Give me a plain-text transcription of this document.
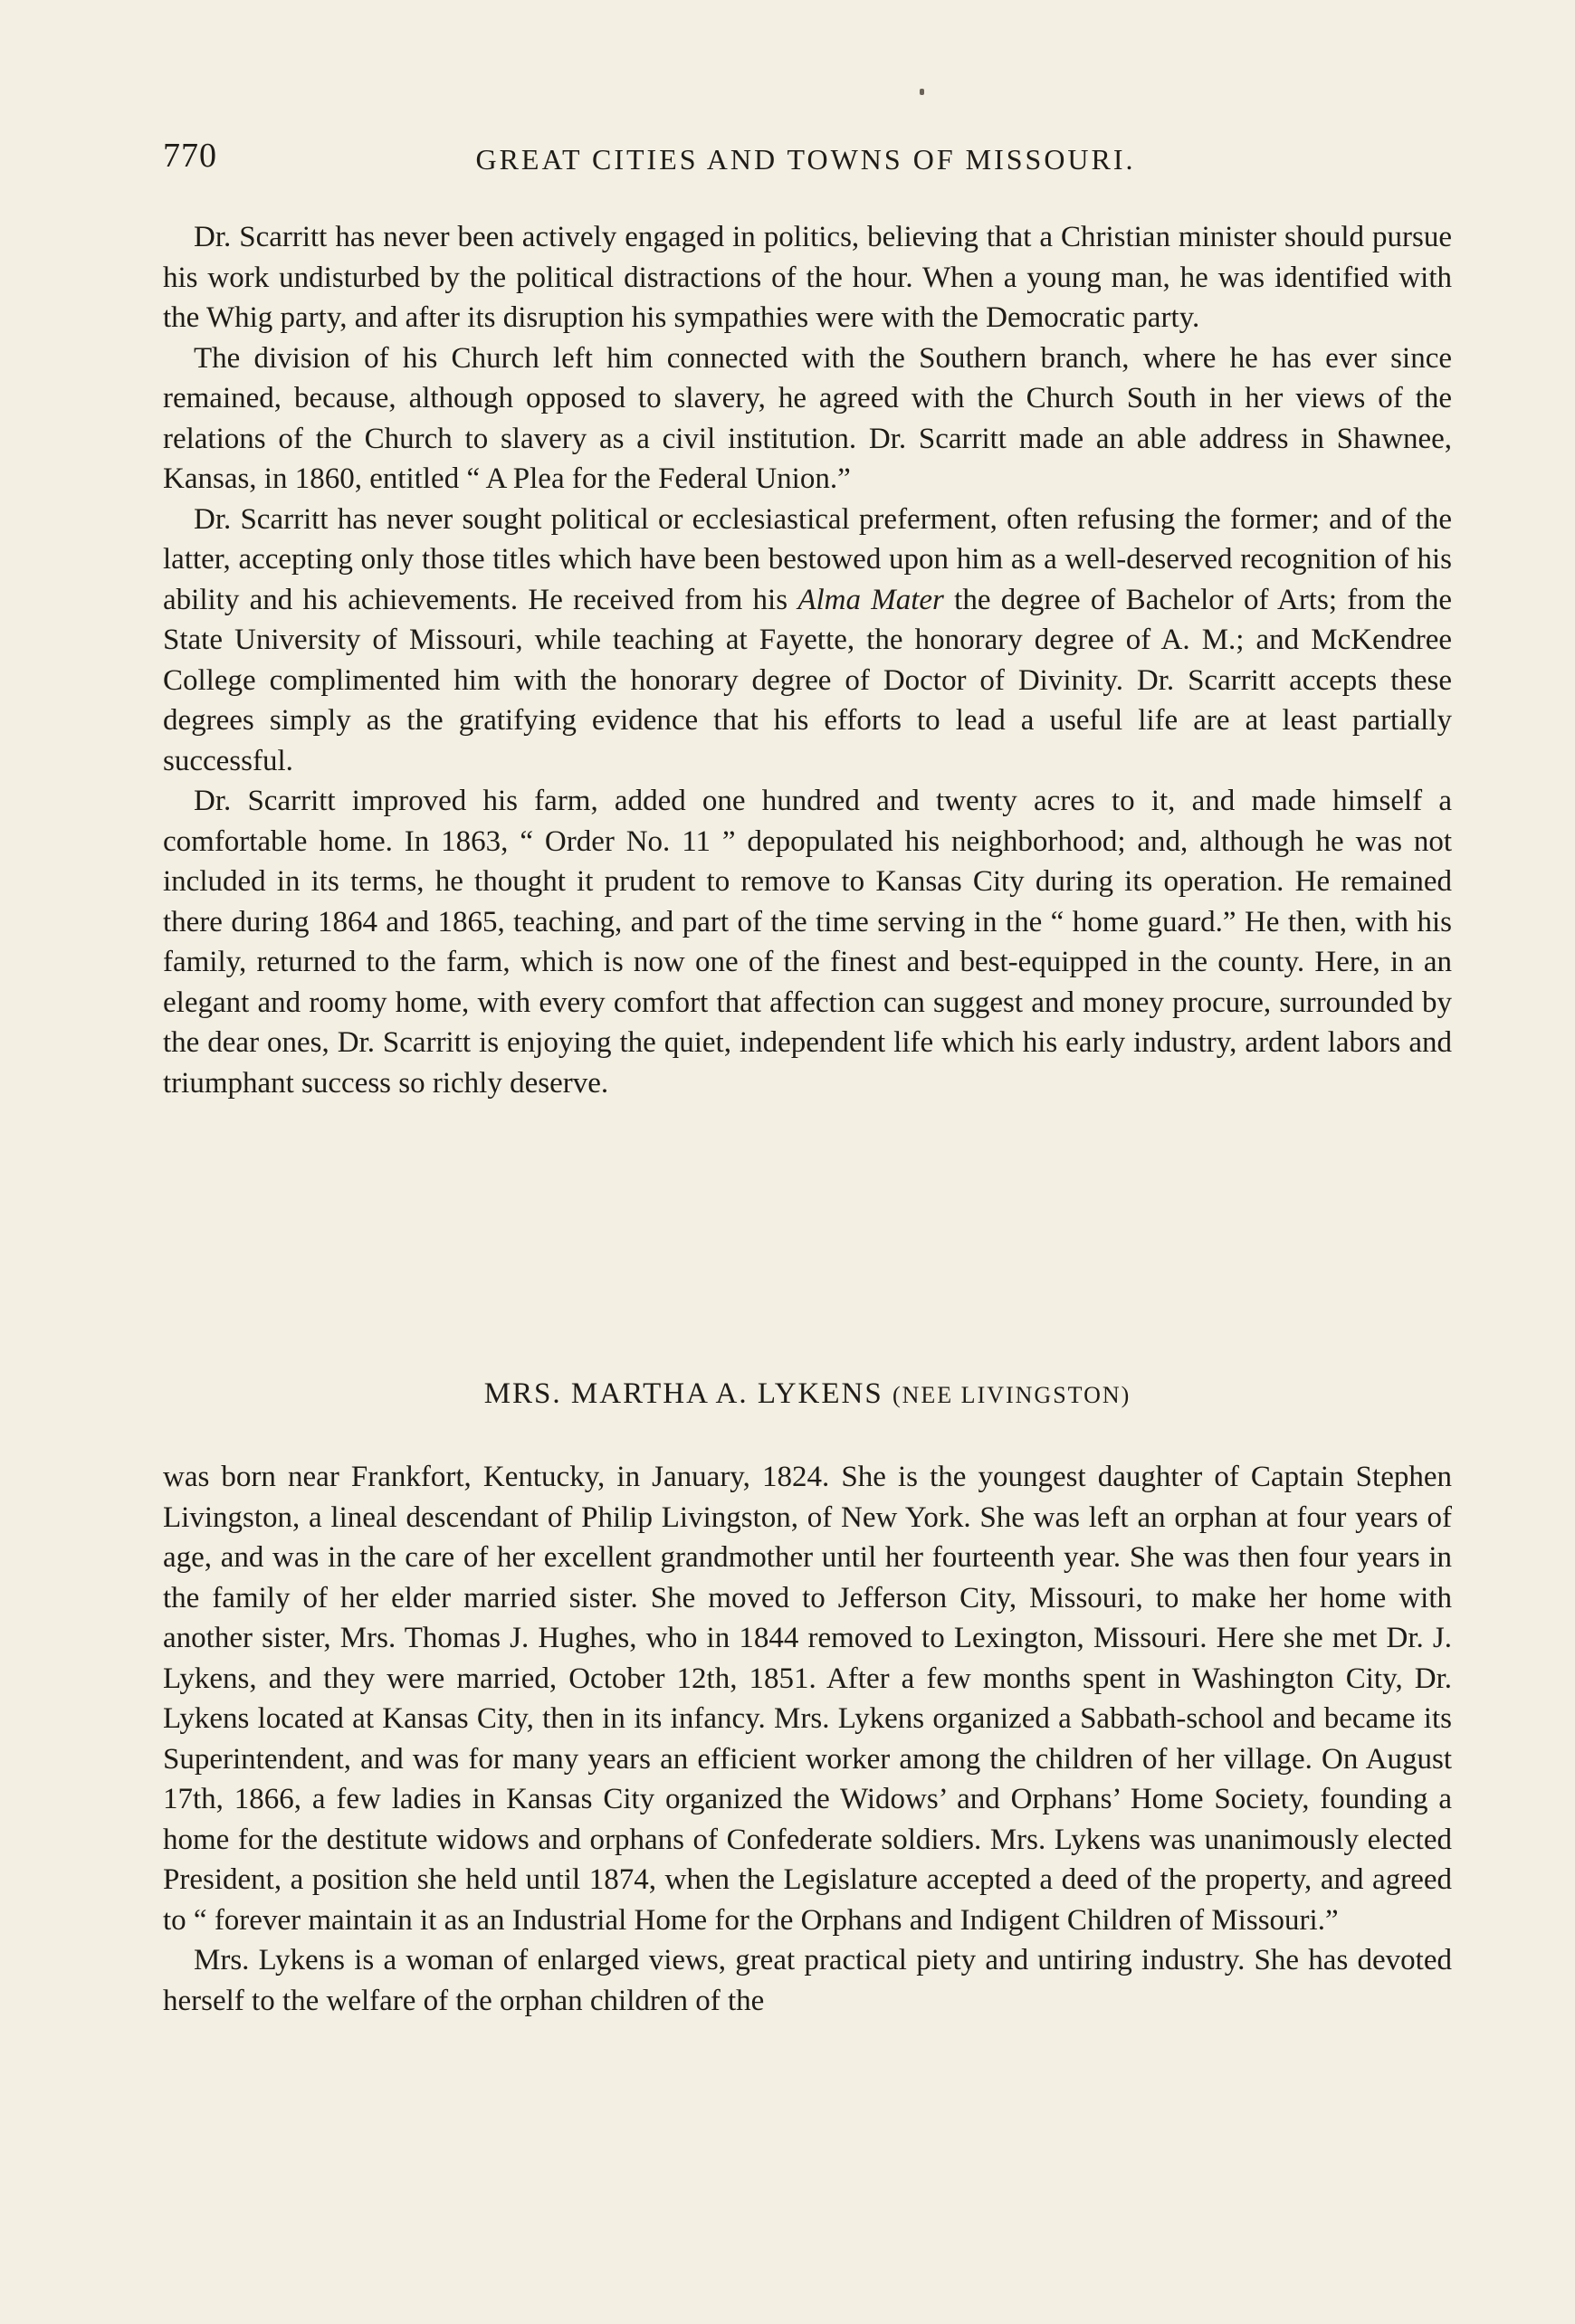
770	GREAT CITIES AND TOWNS OF MISSOURI.

Dr. Scarritt has never been actively engaged in politics, believing that a Christian minister should pursue his work undisturbed by the political distractions of the hour. When a young man, he was identified with the Whig party, and after its disruption his sympathies were with the Democratic party.

The division of his Church left him connected with the Southern branch, where he has ever since remained, because, although opposed to slavery, he agreed with the Church South in her views of the relations of the Church to slavery as a civil institution. Dr. Scarritt made an able address in Shawnee, Kansas, in 1860, entitled “ A Plea for the Federal Union.”

Dr. Scarritt has never sought political or ecclesiastical preferment, often refusing the former; and of the latter, accepting only those titles which have been bestowed upon him as a well-deserved recognition of his ability and his achievements. He received from his Alma Mater the degree of Bachelor of Arts; from the State University of Missouri, while teaching at Fayette, the honorary degree of A. M.; and McKendree College complimented him with the honorary degree of Doctor of Divinity. Dr. Scarritt accepts these degrees simply as the gratifying evidence that his efforts to lead a useful life are at least partially successful.

Dr. Scarritt improved his farm, added one hundred and twenty acres to it, and made himself a comfortable home. In 1863, “ Order No. 11 ” depopulated his neighborhood; and, although he was not included in its terms, he thought it prudent to remove to Kansas City during its operation. He remained there during 1864 and 1865, teaching, and part of the time serving in the “ home guard.” He then, with his family, returned to the farm, which is now one of the finest and best-equipped in the county. Here, in an elegant and roomy home, with every comfort that affection can suggest and money procure, surrounded by the dear ones, Dr. Scarritt is enjoying the quiet, independent life which his early industry, ardent labors and triumphant success so richly deserve.

MRS. MARTHA A. LYKENS (NEE LIVINGSTON)

was born near Frankfort, Kentucky, in January, 1824. She is the youngest daughter of Captain Stephen Livingston, a lineal descendant of Philip Livingston, of New York. She was left an orphan at four years of age, and was in the care of her excellent grandmother until her fourteenth year. She was then four years in the family of her elder married sister. She moved to Jefferson City, Missouri, to make her home with another sister, Mrs. Thomas J. Hughes, who in 1844 removed to Lexington, Missouri. Here she met Dr. J. Lykens, and they were married, October 12th, 1851. After a few months spent in Washington City, Dr. Lykens located at Kansas City, then in its infancy. Mrs. Lykens organized a Sabbath-school and became its Superintendent, and was for many years an efficient worker among the children of her village. On August 17th, 1866, a few ladies in Kansas City organized the Widows’ and Orphans’ Home Society, founding a home for the destitute widows and orphans of Confederate soldiers. Mrs. Lykens was unanimously elected President, a position she held until 1874, when the Legislature accepted a deed of the property, and agreed to “ forever maintain it as an Industrial Home for the Orphans and Indigent Children of Missouri.”

Mrs. Lykens is a woman of enlarged views, great practical piety and untiring industry. She has devoted herself to the welfare of the orphan children of the
